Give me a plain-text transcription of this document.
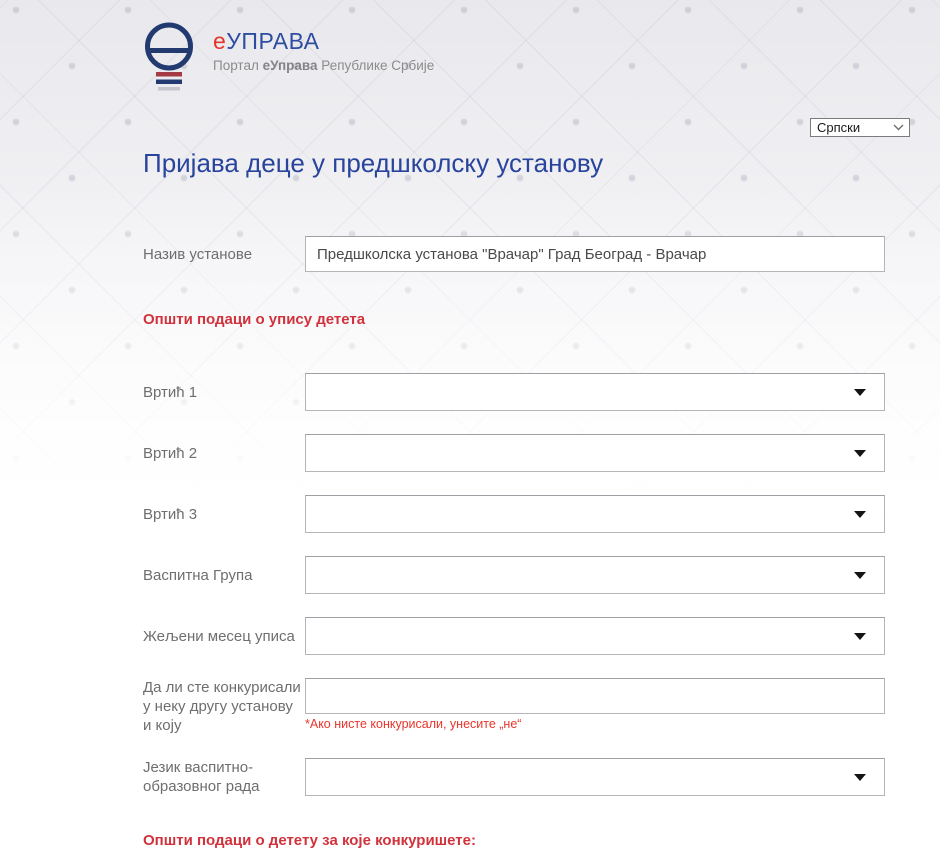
еУПРАВА
Портал еУправа Републике Србије
Српски
Пријава деце у предшколску установу
Назив установе
Предшколска установа "Врачар" Град Београд - Врачар
Општи подаци о упису детета
Вртић 1
Вртић 2
Вртић 3
Васпитна Група
Жељени месец уписа
Да ли сте конкурисали у неку другу установу и коју	*Ако нисте конкурисали, унесите „не“
Језик васпитно-образовног рада
Општи подаци о детету за које конкуришете:
